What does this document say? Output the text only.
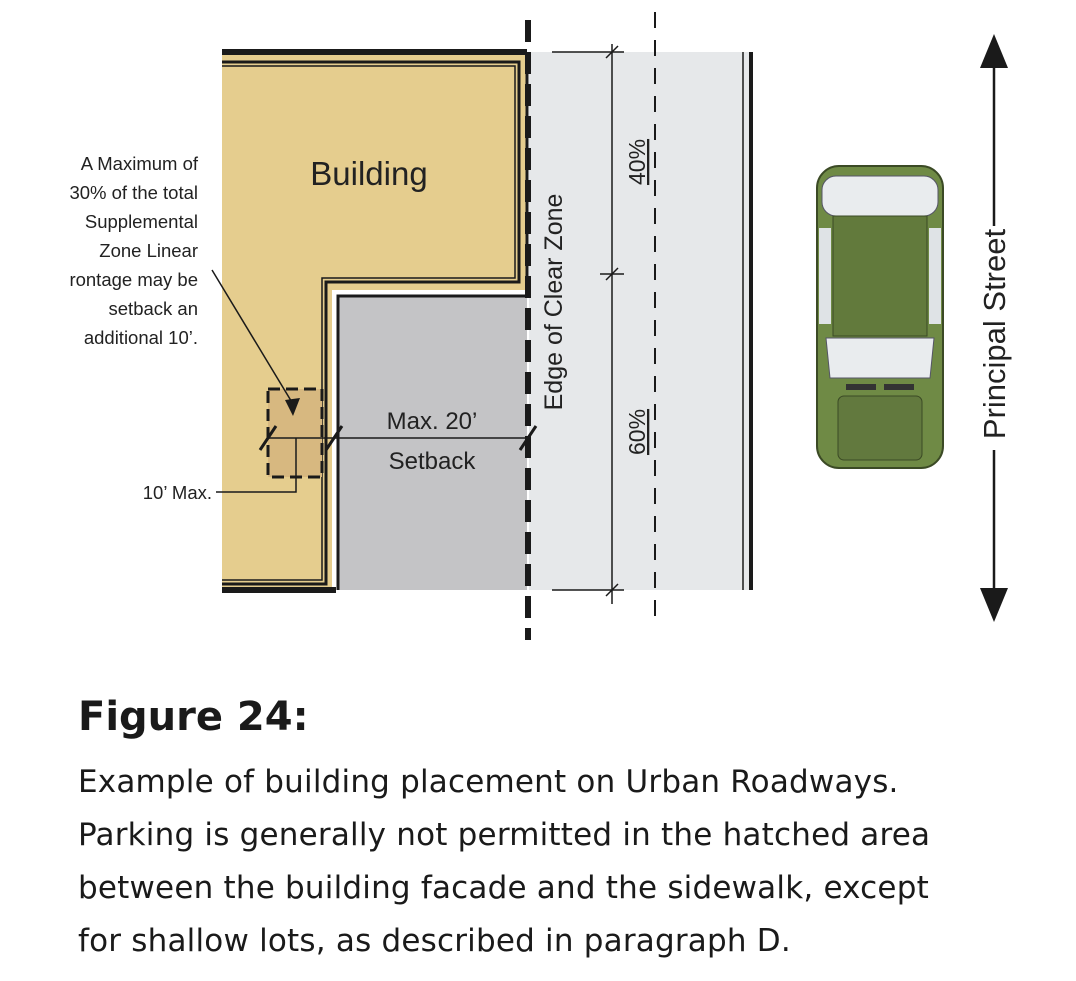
Building
A Maximum of
30% of the total
Supplemental
Zone Linear
rontage may be
setback an
additional 10’.
10’ Max.
Max. 20’
Setback
Edge of Clear Zone
40%
60%	Principal Street
Figure 24:

Example of building placement on Urban Roadways.
Parking is generally not permitted in the hatched area
between the building facade and the sidewalk, except
for shallow lots, as described in paragraph D.
